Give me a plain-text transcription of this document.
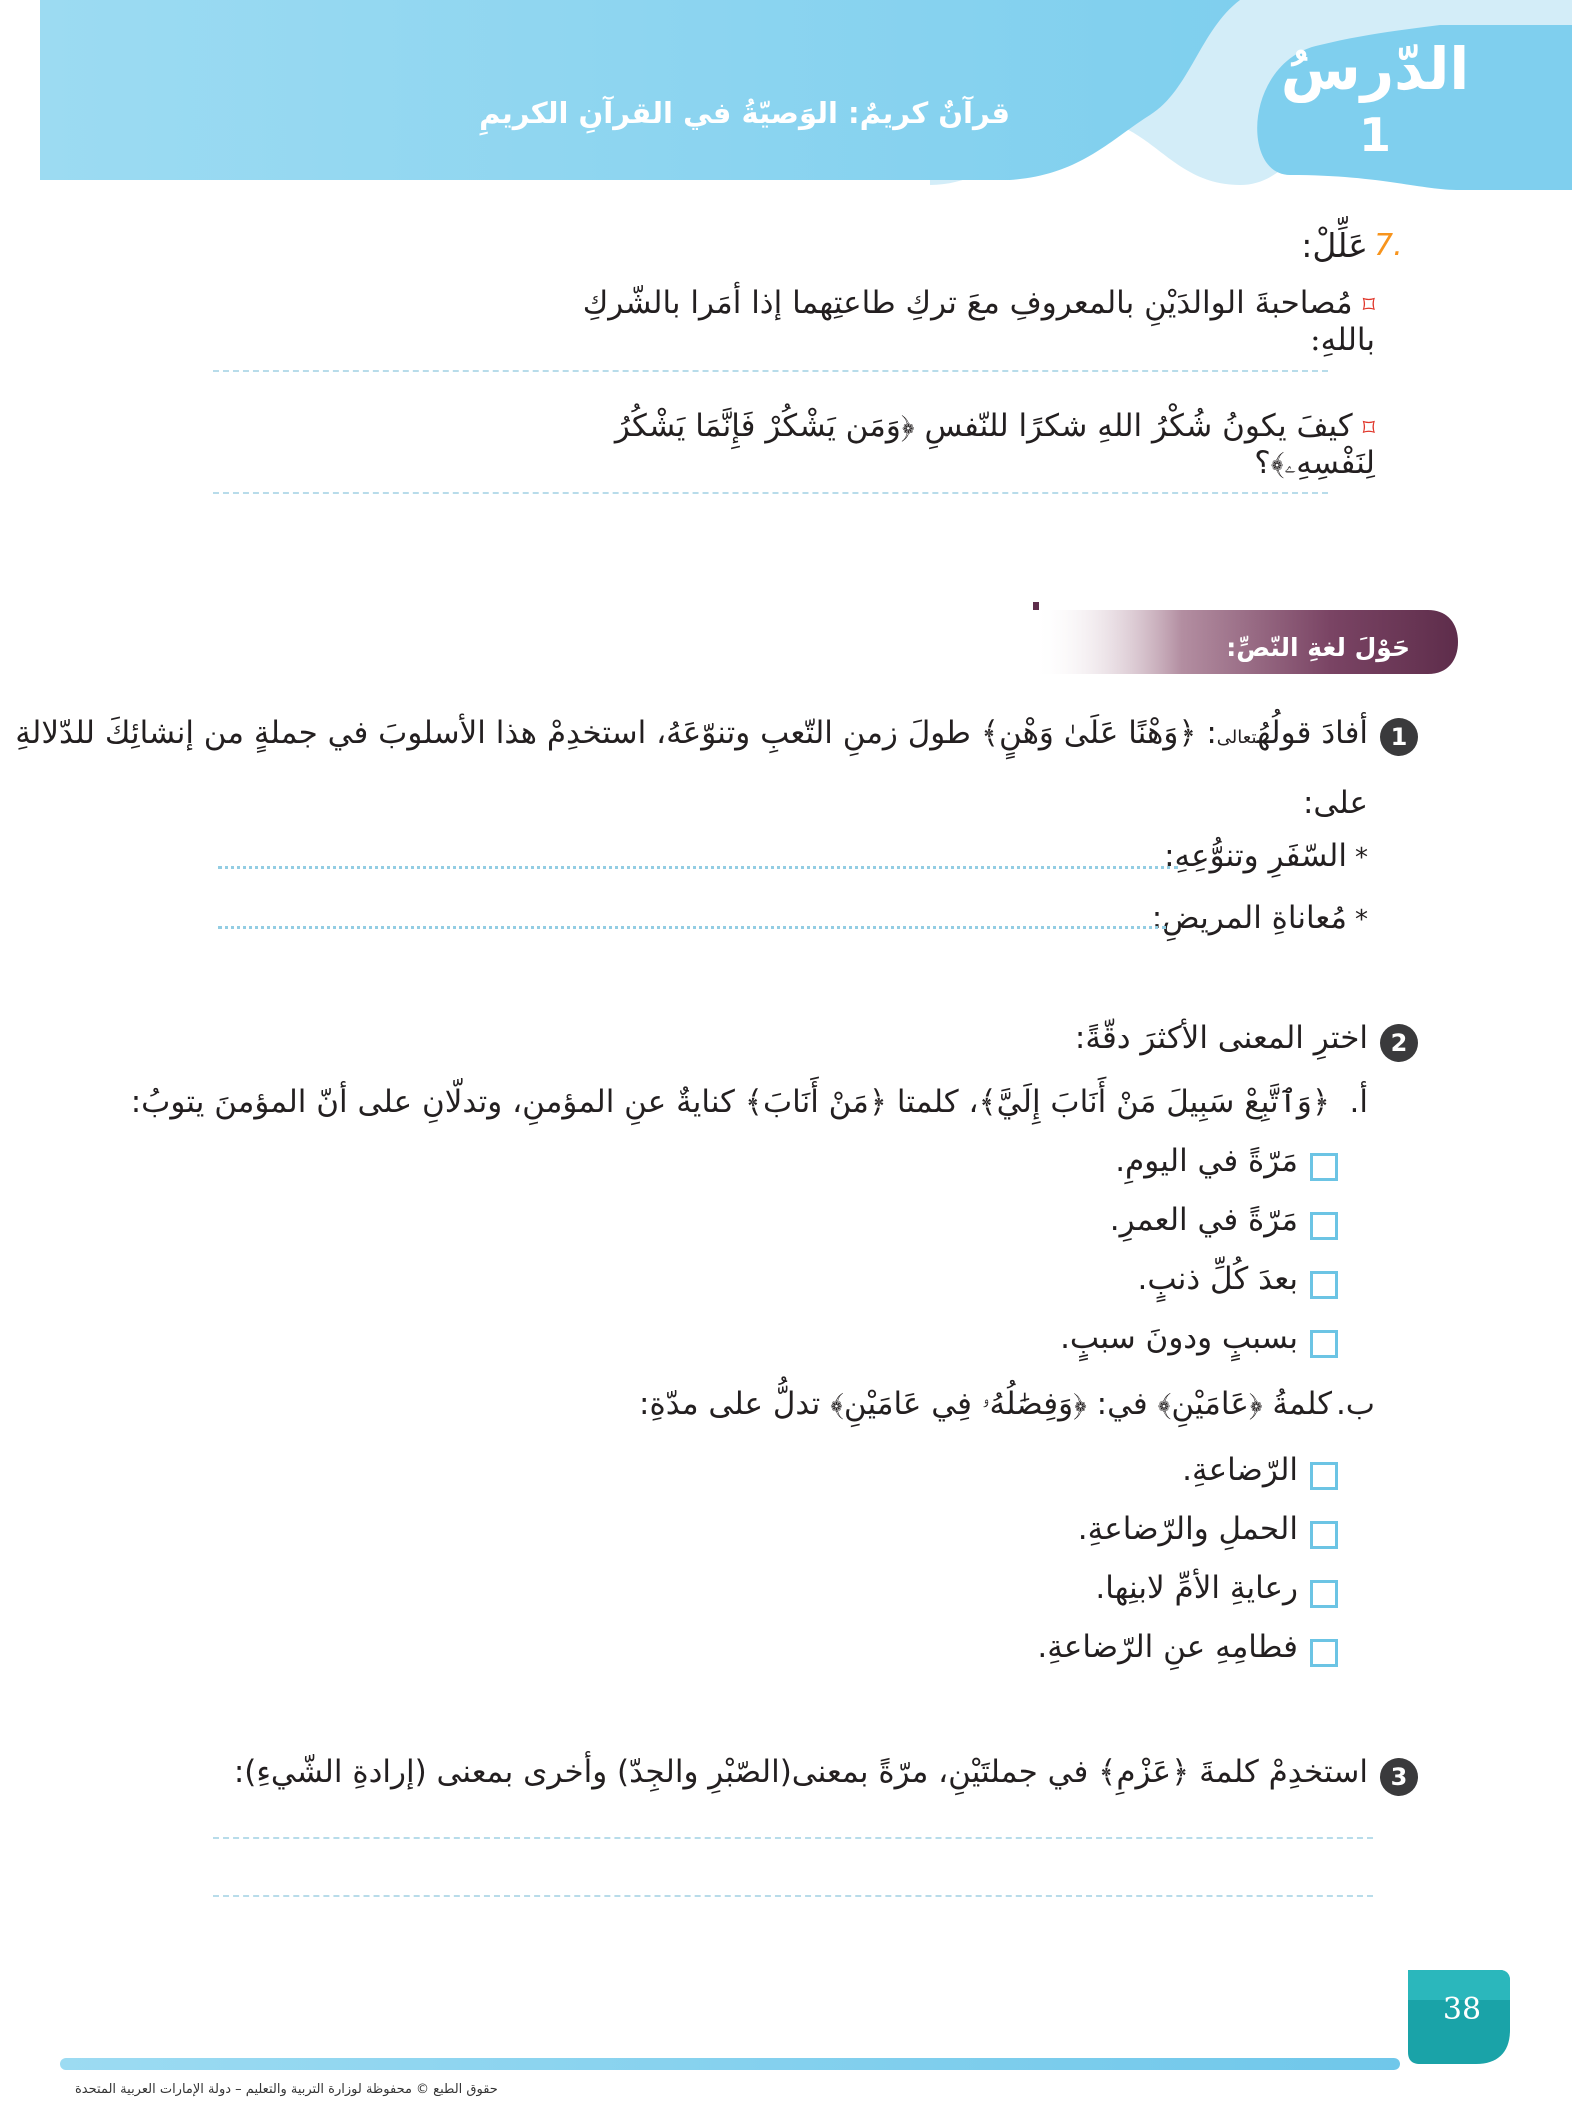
الدّرسُ
1
قرآنٌ كريمٌ: الوَصيّةُ في القرآنِ الكريمِ
7.
عَلِّلْ:
⌑مُصاحبةَ الوالدَيْنِ بالمعروفِ معَ تركِ طاعتِهما إذا أمَرا بالشّركِ باللهِ:
⌑كيفَ يكونُ شُكْرُ اللهِ شكرًا للنّفسِ ﴿وَمَن يَشْكُرْ فَإِنَّمَا يَشْكُرُ لِنَفْسِهِۦ﴾؟
حَوْلَ لغةِ النّصِّ:
1
أفادَ قولُهُتعالى: ﴿وَهْنًا عَلَىٰ وَهْنٍ﴾ طولَ زمنِ التّعبِ وتنوّعَهُ، استخدِمْ هذا الأسلوبَ في جملةٍ من إنشائِكَ للدّلالةِ
على:
*السّفَرِ وتنوُّعِهِ:
*مُعاناةِ المريضِ:
2
اخترِ المعنى الأكثرَ دقّةً:
أ.
﴿وَٱتَّبِعْ سَبِيلَ مَنْ أَنَابَ إِلَيَّ﴾، كلمتا ﴿مَنْ أَنَابَ﴾ كنايةٌ عنِ المؤمنِ، وتدلّانِ على أنّ المؤمنَ يتوبُ:
مَرّةً في اليومِ.
مَرّةً في العمرِ.
بعدَ كُلِّ ذنبٍ.
بسببٍ ودونَ سببٍ.
ب.
كلمةُ ﴿عَامَيْنِ﴾ في: ﴿وَفِصَٰلُهُۥ فِي عَامَيْنِ﴾ تدلُّ على مدّةِ:
الرّضاعةِ.
الحملِ والرّضاعةِ.
رعايةِ الأمِّ لابنِها.
فطامِهِ عنِ الرّضاعةِ.
3
استخدِمْ كلمةَ ﴿عَزْمِ﴾ في جملتَيْنِ، مرّةً بمعنى(الصّبْرِ والجِدّ) وأخرى بمعنى (إرادةِ الشّيءِ):
38
حقوق الطبع © محفوظة لوزارة التربية والتعليم – دولة الإمارات العربية المتحدة
